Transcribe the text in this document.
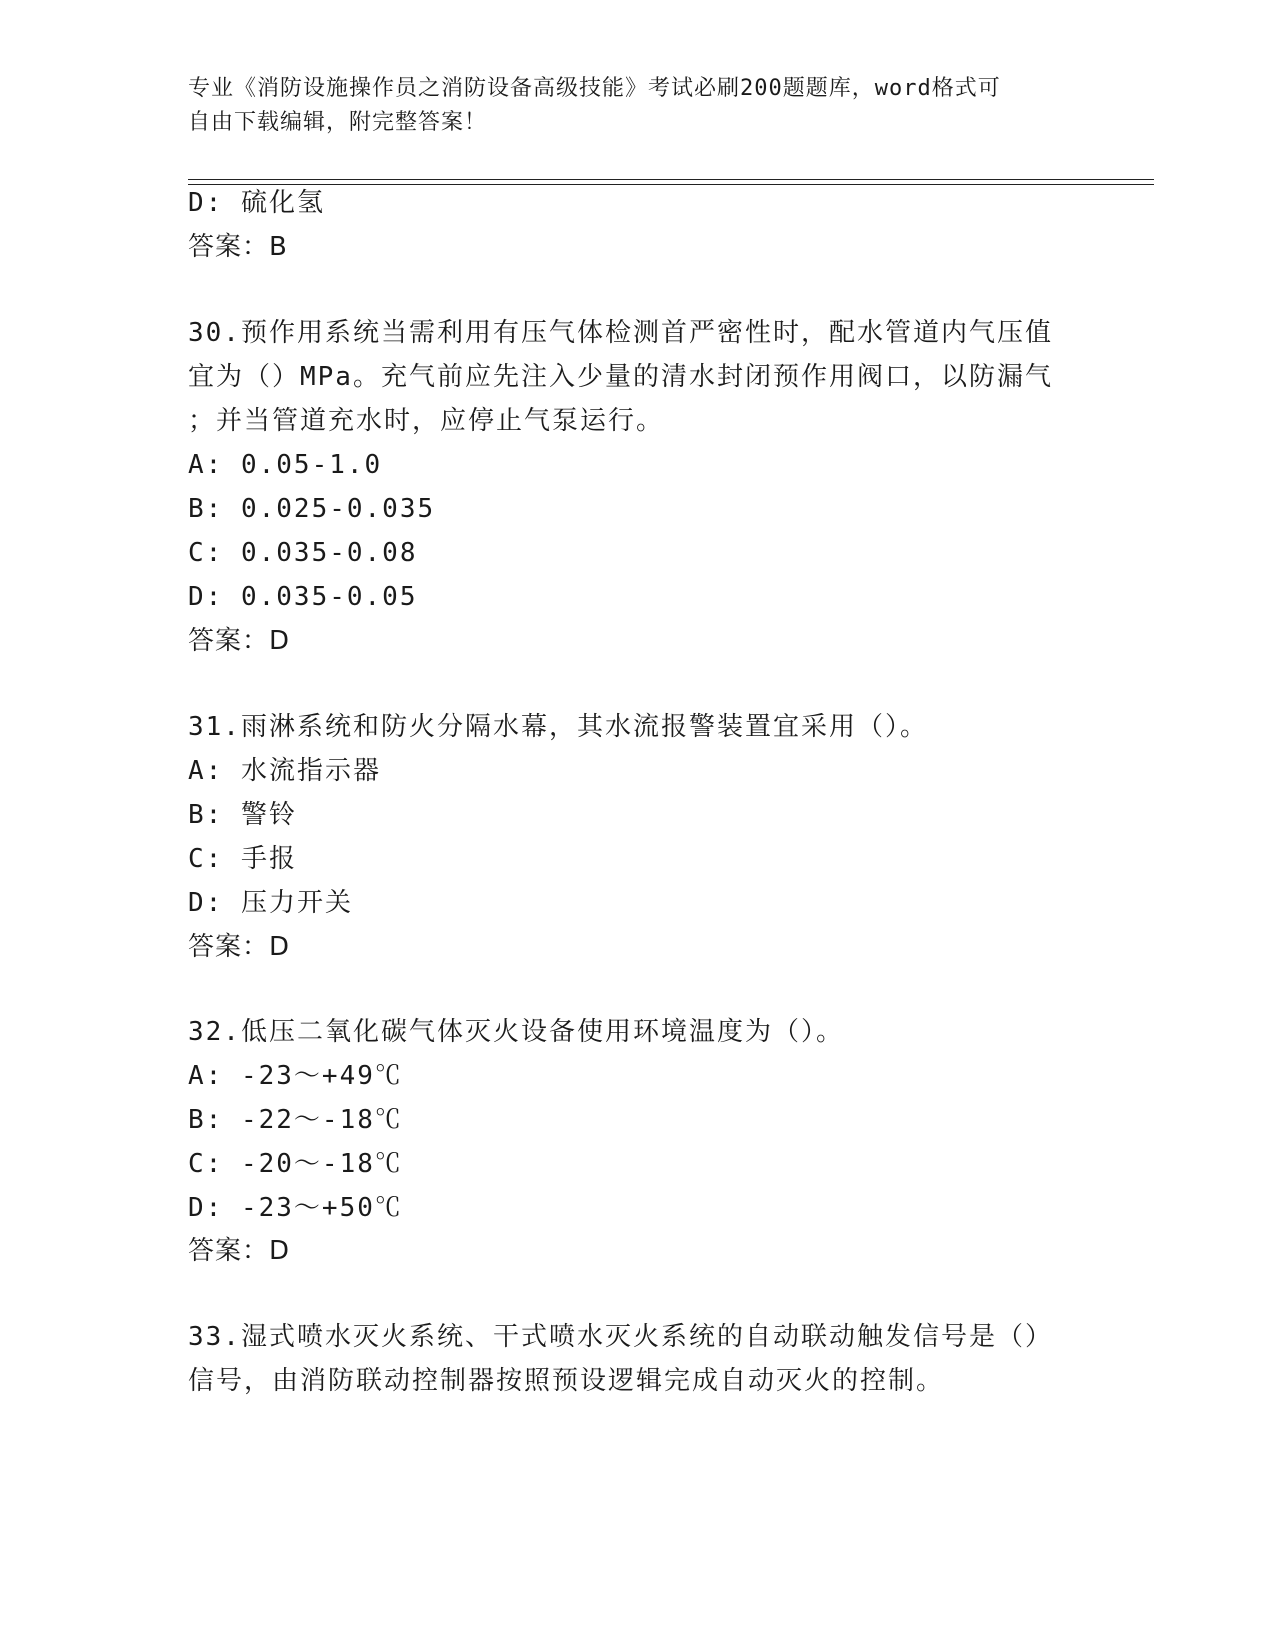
专业《消防设施操作员之消防设备高级技能》考试必刷200题题库，word格式可
自由下载编辑，附完整答案！
D: 硫化氢
答案：B
30.预作用系统当需利用有压气体检测首严密性时，配水管道内气压值
宜为（）MPa。充气前应先注入少量的清水封闭预作用阀口，以防漏气
；并当管道充水时，应停止气泵运行。
A: 0.05-1.0
B: 0.025-0.035
C: 0.035-0.08
D: 0.035-0.05
答案：D
31.雨淋系统和防火分隔水幕，其水流报警装置宜采用（）。
A: 水流指示器
B: 警铃
C: 手报
D: 压力开关
答案：D
32.低压二氧化碳气体灭火设备使用环境温度为（）。
A: -23～+49℃
B: -22～-18℃
C: -20～-18℃
D: -23～+50℃
答案：D
33.湿式喷水灭火系统、干式喷水灭火系统的自动联动触发信号是（）
信号，由消防联动控制器按照预设逻辑完成自动灭火的控制。
